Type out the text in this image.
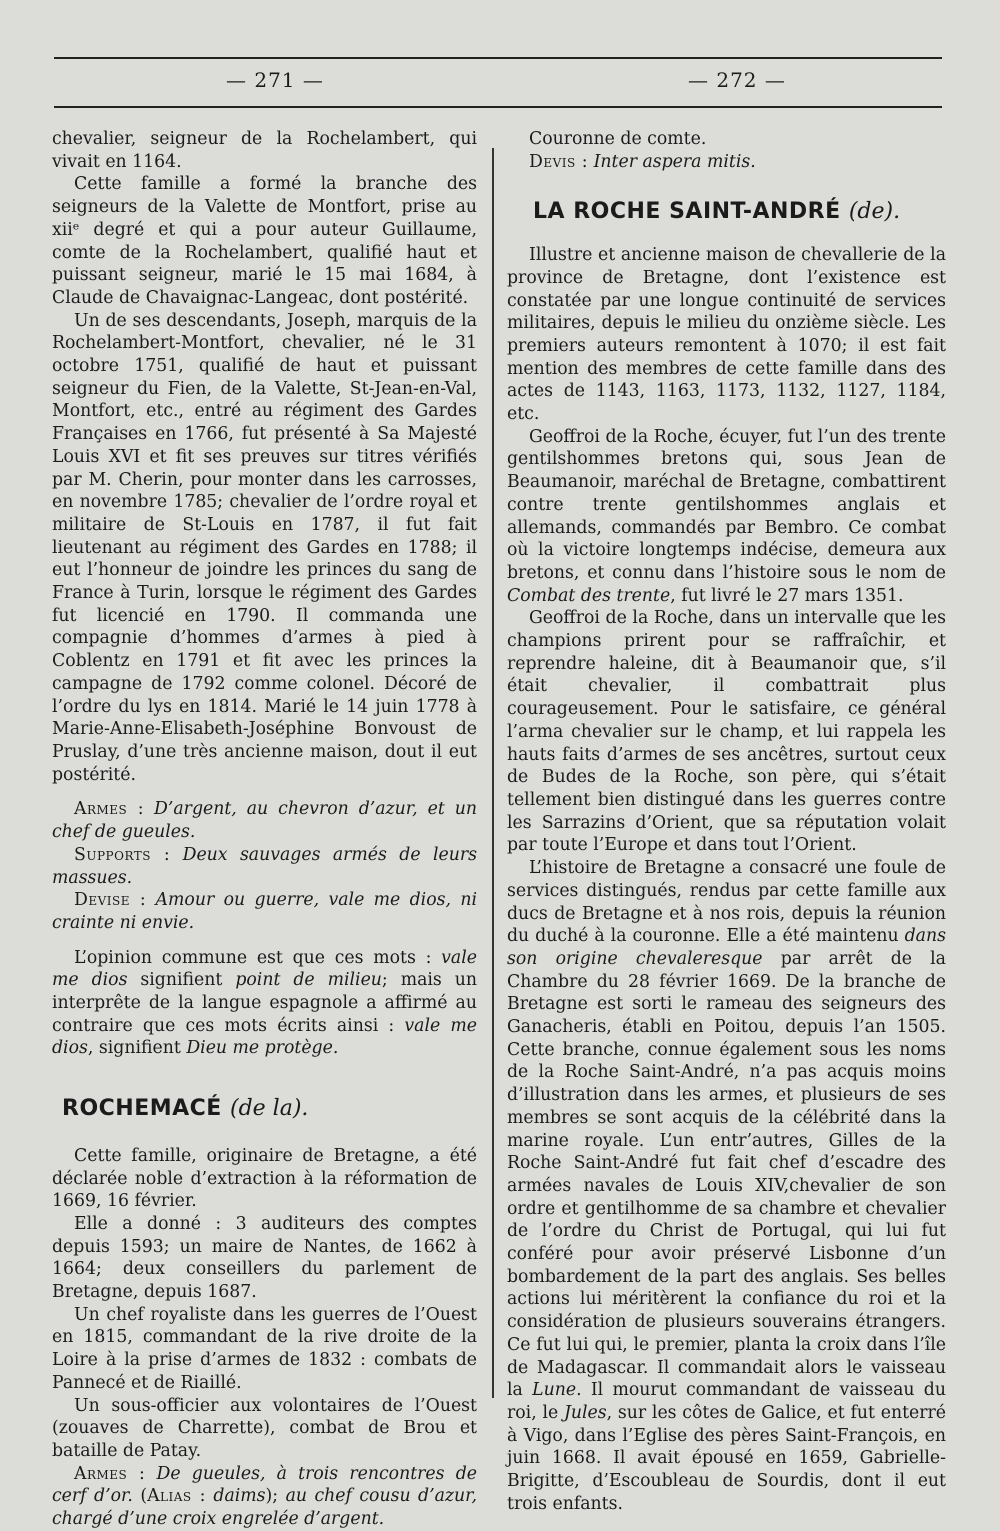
— 271 —	— 272 —

chevalier, seigneur de la Rochelambert, qui vivait en 1164.

Cette famille a formé la branche des seigneurs de la Valette de Montfort, prise au xiiᵉ degré et qui a pour auteur Guillaume, comte de la Rochelambert, qualifié haut et puissant seigneur, marié le 15 mai 1684, à Claude de Chavaignac-Langeac, dont postérité.

Un de ses descendants, Joseph, marquis de la Rochelambert-Montfort, chevalier, né le 31 octobre 1751, qualifié de haut et puissant seigneur du Fien, de la Valette, St-Jean-en-Val, Montfort, etc., entré au régiment des Gardes Françaises en 1766, fut présenté à Sa Majesté Louis XVI et fit ses preuves sur titres vérifiés par M. Cherin, pour monter dans les carrosses, en novembre 1785; chevalier de l’ordre royal et militaire de St-Louis en 1787, il fut fait lieutenant au régiment des Gardes en 1788; il eut l’honneur de joindre les princes du sang de France à Turin, lorsque le régiment des Gardes fut licencié en 1790. Il commanda une compagnie d’hommes d’armes à pied à Coblentz en 1791 et fit avec les princes la campagne de 1792 comme colonel. Décoré de l’ordre du lys en 1814. Marié le 14 juin 1778 à Marie-Anne-Elisabeth-Joséphine Bonvoust de Pruslay, d’une très ancienne maison, dout il eut postérité.

Armes : D’argent, au chevron d’azur, et un chef de gueules.

Supports : Deux sauvages armés de leurs massues.

Devise : Amour ou guerre, vale me dios, ni crainte ni envie.

L’opinion commune est que ces mots : vale me dios signifient point de milieu; mais un interprête de la langue espagnole a affirmé au contraire que ces mots écrits ainsi : vale me dios, signifient Dieu me protège.

ROCHEMACÉ (de la).

Cette famille, originaire de Bretagne, a été déclarée noble d’extraction à la réformation de 1669, 16 février.

Elle a donné : 3 auditeurs des comptes depuis 1593; un maire de Nantes, de 1662 à 1664; deux conseillers du parlement de Bretagne, depuis 1687.

Un chef royaliste dans les guerres de l’Ouest en 1815, commandant de la rive droite de la Loire à la prise d’armes de 1832 : combats de Pannecé et de Riaillé.

Un sous-officier aux volontaires de l’Ouest (zouaves de Charrette), combat de Brou et bataille de Patay.

Armes : De gueules, à trois rencontres de cerf d’or. (Alias : daims); au chef cousu d’azur, chargé d’une croix engrelée d’argent.

Couronne de comte.

Devis : Inter aspera mitis.

LA ROCHE SAINT-ANDRÉ (de).

Illustre et ancienne maison de chevallerie de la province de Bretagne, dont l’existence est constatée par une longue continuité de services militaires, depuis le milieu du onzième siècle. Les premiers auteurs remontent à 1070; il est fait mention des membres de cette famille dans des actes de 1143, 1163, 1173, 1132, 1127, 1184, etc.

Geoffroi de la Roche, écuyer, fut l’un des trente gentilshommes bretons qui, sous Jean de Beaumanoir, maréchal de Bretagne, combattirent contre trente gentilshommes anglais et allemands, commandés par Bembro. Ce combat où la victoire longtemps indécise, demeura aux bretons, et connu dans l’histoire sous le nom de Combat des trente, fut livré le 27 mars 1351.

Geoffroi de la Roche, dans un intervalle que les champions prirent pour se raffraîchir, et reprendre haleine, dit à Beaumanoir que, s’il était chevalier, il combattrait plus courageusement. Pour le satisfaire, ce général l’arma chevalier sur le champ, et lui rappela les hauts faits d’armes de ses ancêtres, surtout ceux de Budes de la Roche, son père, qui s’était tellement bien distingué dans les guerres contre les Sarrazins d’Orient, que sa réputation volait par toute l’Europe et dans tout l’Orient.

L’histoire de Bretagne a consacré une foule de services distingués, rendus par cette famille aux ducs de Bretagne et à nos rois, depuis la réunion du duché à la couronne. Elle a été maintenu dans son origine chevaleresque par arrêt de la Chambre du 28 février 1669. De la branche de Bretagne est sorti le rameau des seigneurs des Ganacheris, établi en Poitou, depuis l’an 1505. Cette branche, connue également sous les noms de la Roche Saint-André, n’a pas acquis moins d’illustration dans les armes, et plusieurs de ses membres se sont acquis de la célébrité dans la marine royale. L’un entr’autres, Gilles de la Roche Saint-André fut fait chef d’escadre des armées navales de Louis XIV,chevalier de son ordre et gentilhomme de sa chambre et chevalier de l’ordre du Christ de Portugal, qui lui fut conféré pour avoir préservé Lisbonne d’un bombardement de la part des anglais. Ses belles actions lui méritèrent la confiance du roi et la considération de plusieurs souverains étrangers. Ce fut lui qui, le premier, planta la croix dans l’île de Madagascar. Il commandait alors le vaisseau la Lune. Il mourut commandant de vaisseau du roi, le Jules, sur les côtes de Galice, et fut enterré à Vigo, dans l’Eglise des pères Saint-François, en juin 1668. Il avait épousé en 1659, Gabrielle-Brigitte, d’Escoubleau de Sourdis, dont il eut trois enfants.
